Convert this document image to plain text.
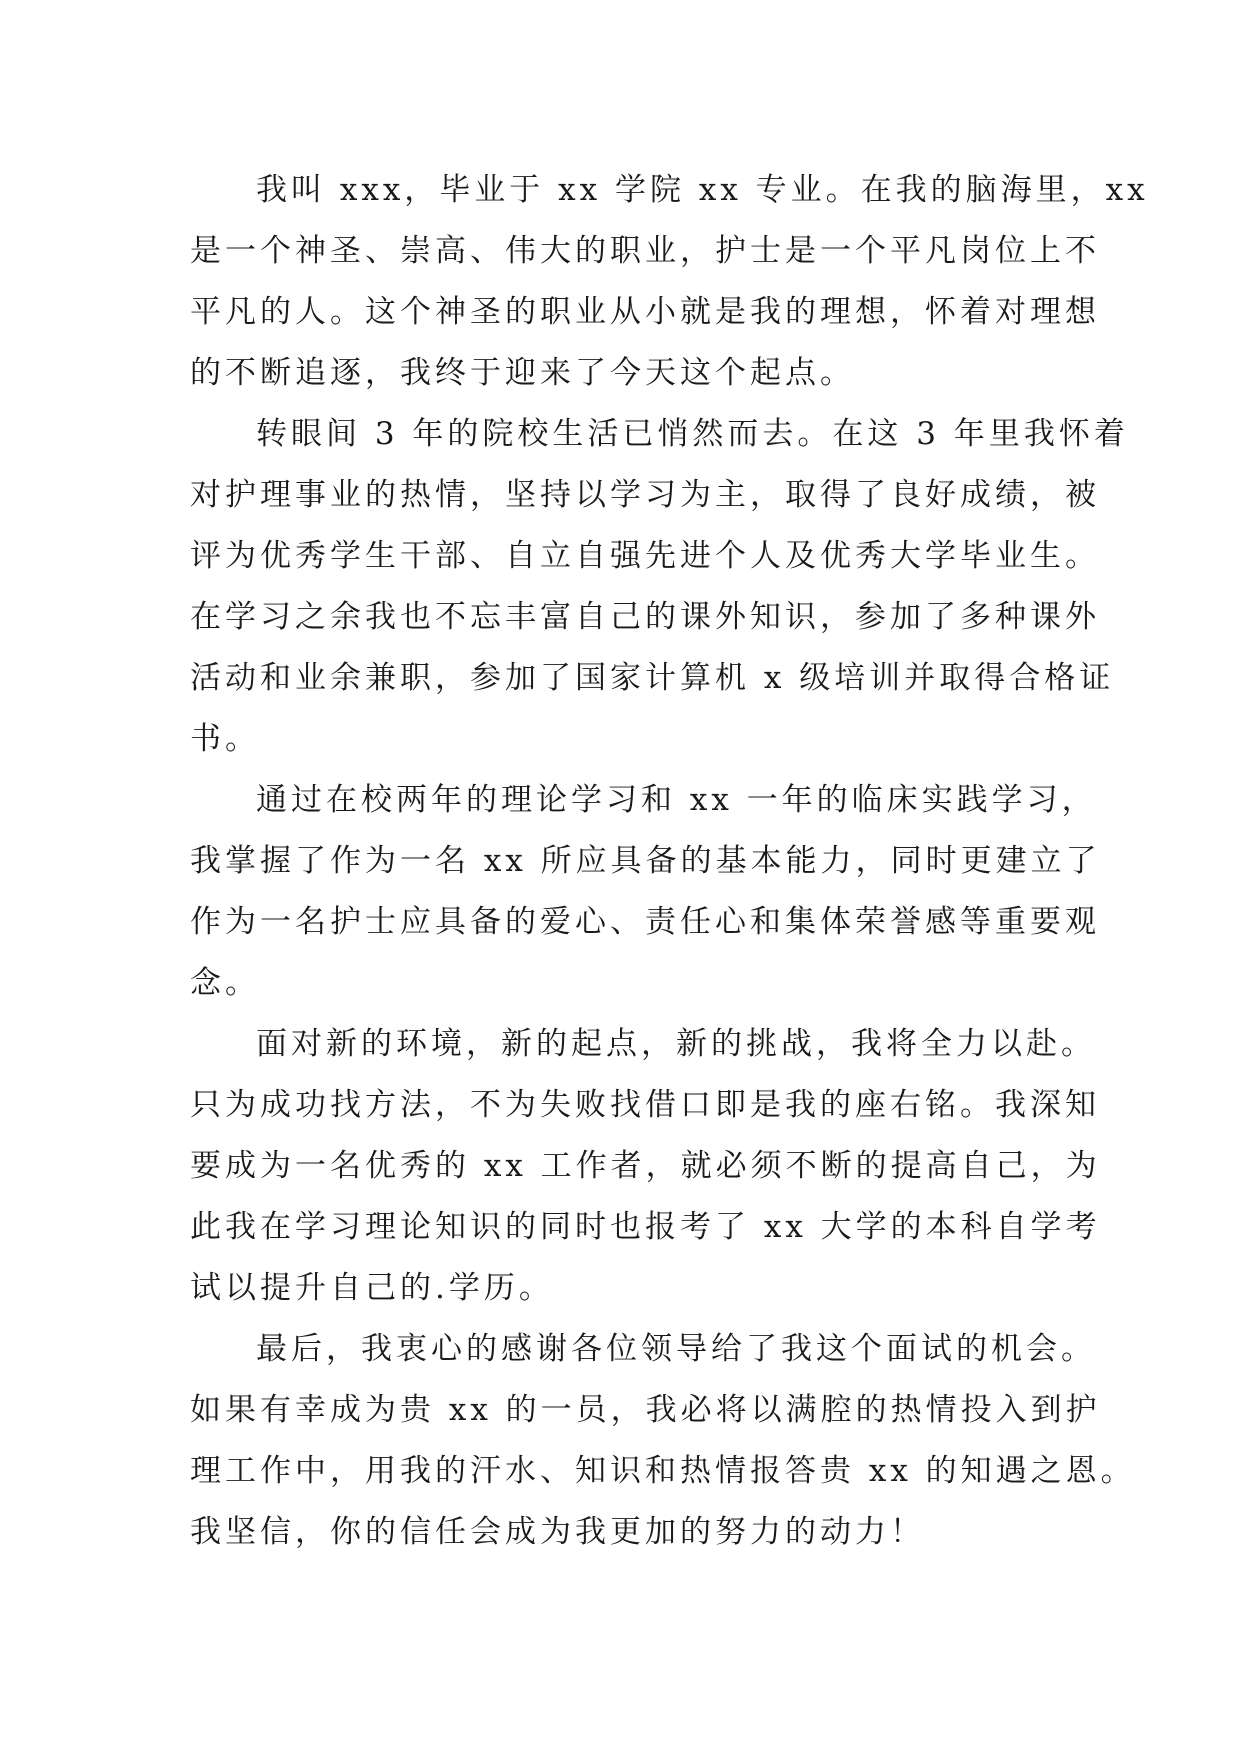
我叫 xxx，毕业于 xx 学院 xx 专业。在我的脑海里，xx
是一个神圣、崇高、伟大的职业，护士是一个平凡岗位上不
平凡的人。这个神圣的职业从小就是我的理想，怀着对理想
的不断追逐，我终于迎来了今天这个起点。
转眼间 3 年的院校生活已悄然而去。在这 3 年里我怀着
对护理事业的热情，坚持以学习为主，取得了良好成绩，被
评为优秀学生干部、自立自强先进个人及优秀大学毕业生。
在学习之余我也不忘丰富自己的课外知识，参加了多种课外
活动和业余兼职，参加了国家计算机 x 级培训并取得合格证
书。
通过在校两年的理论学习和 xx 一年的临床实践学习，
我掌握了作为一名 xx 所应具备的基本能力，同时更建立了
作为一名护士应具备的爱心、责任心和集体荣誉感等重要观
念。
面对新的环境，新的起点，新的挑战，我将全力以赴。
只为成功找方法，不为失败找借口即是我的座右铭。我深知
要成为一名优秀的 xx 工作者，就必须不断的提高自己，为
此我在学习理论知识的同时也报考了 xx 大学的本科自学考
试以提升自己的.学历。
最后，我衷心的感谢各位领导给了我这个面试的机会。
如果有幸成为贵 xx 的一员，我必将以满腔的热情投入到护
理工作中，用我的汗水、知识和热情报答贵 xx 的知遇之恩。
我坚信，你的信任会成为我更加的努力的动力！
